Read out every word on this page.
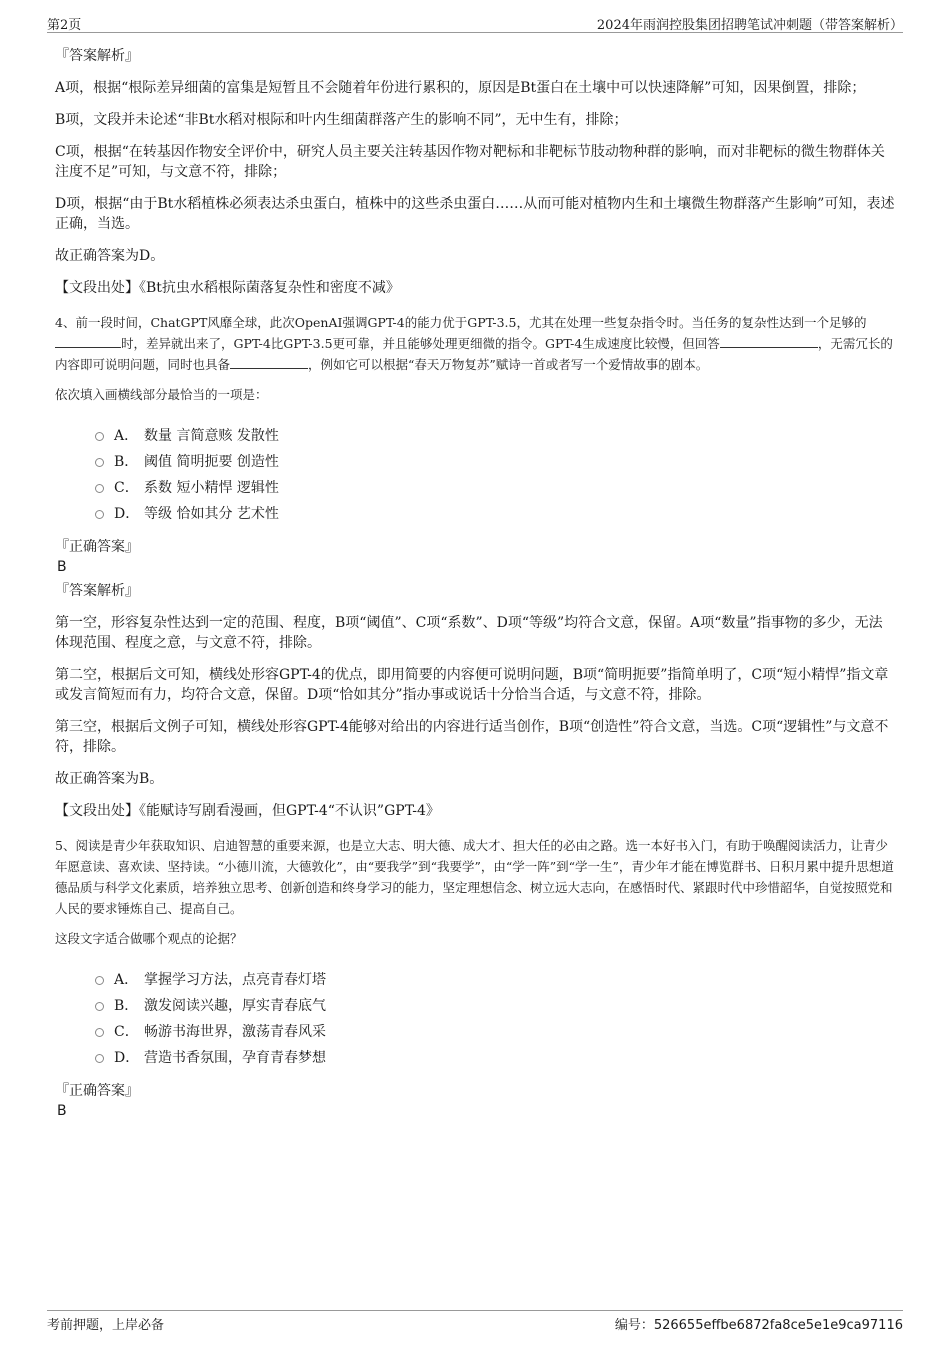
第2页	2024年雨润控股集团招聘笔试冲刺题（带答案解析）
『答案解析』

A项，根据“根际差异细菌的富集是短暂且不会随着年份进行累积的，原因是Bt蛋白在土壤中可以快速降解”可知，因果倒置，排除；

B项，文段并未论述“非Bt水稻对根际和叶内生细菌群落产生的影响不同”，无中生有，排除；

C项，根据“在转基因作物安全评价中，研究人员主要关注转基因作物对靶标和非靶标节肢动物种群的影响，而对非靶标的微生物群体关注度不足”可知，与文意不符，排除；

D项，根据“由于Bt水稻植株必须表达杀虫蛋白，植株中的这些杀虫蛋白……从而可能对植物内生和土壤微生物群落产生影响”可知，表述正确，当选。

故正确答案为D。

【文段出处】《Bt抗虫水稻根际菌落复杂性和密度不减》

4、前一段时间，ChatGPT风靡全球，此次OpenAI强调GPT-4的能力优于GPT-3.5，尤其在处理一些复杂指令时。当任务的复杂性达到一个足够的时，差异就出来了，GPT-4比GPT-3.5更可靠，并且能够处理更细微的指令。GPT-4生成速度比较慢，但回答	，无需冗长的内容即可说明问题，同时也具备	，例如它可以根据“春天万物复苏”赋诗一首或者写一个爱情故事的剧本。

依次填入画横线部分最恰当的一项是：

A． 数量 言简意赅 发散性
B． 阈值 简明扼要 创造性
C． 系数 短小精悍 逻辑性
D． 等级 恰如其分 艺术性
『正确答案』
B
『答案解析』

第一空，形容复杂性达到一定的范围、程度，B项“阈值”、C项“系数”、D项“等级”均符合文意，保留。A项“数量”指事物的多少，无法体现范围、程度之意，与文意不符，排除。

第二空，根据后文可知，横线处形容GPT-4的优点，即用简要的内容便可说明问题，B项“简明扼要”指简单明了，C项“短小精悍”指文章或发言简短而有力，均符合文意，保留。D项“恰如其分”指办事或说话十分恰当合适，与文意不符，排除。

第三空，根据后文例子可知，横线处形容GPT-4能够对给出的内容进行适当创作，B项“创造性”符合文意，当选。C项“逻辑性”与文意不符，排除。

故正确答案为B。

【文段出处】《能赋诗写剧看漫画，但GPT-4“不认识”GPT-4》

5、阅读是青少年获取知识、启迪智慧的重要来源，也是立大志、明大德、成大才、担大任的必由之路。选一本好书入门，有助于唤醒阅读活力，让青少年愿意读、喜欢读、坚持读。“小德川流，大德敦化”，由“要我学”到“我要学”，由“学一阵”到“学一生”，青少年才能在博览群书、日积月累中提升思想道德品质与科学文化素质，培养独立思考、创新创造和终身学习的能力，坚定理想信念、树立远大志向，在感悟时代、紧跟时代中珍惜韶华，自觉按照党和人民的要求锤炼自己、提高自己。

这段文字适合做哪个观点的论据？

A． 掌握学习方法，点亮青春灯塔
B． 激发阅读兴趣，厚实青春底气
C． 畅游书海世界，激荡青春风采
D． 营造书香氛围，孕育青春梦想
『正确答案』
B
考前押题，上岸必备	编号：526655effbe6872fa8ce5e1e9ca97116
